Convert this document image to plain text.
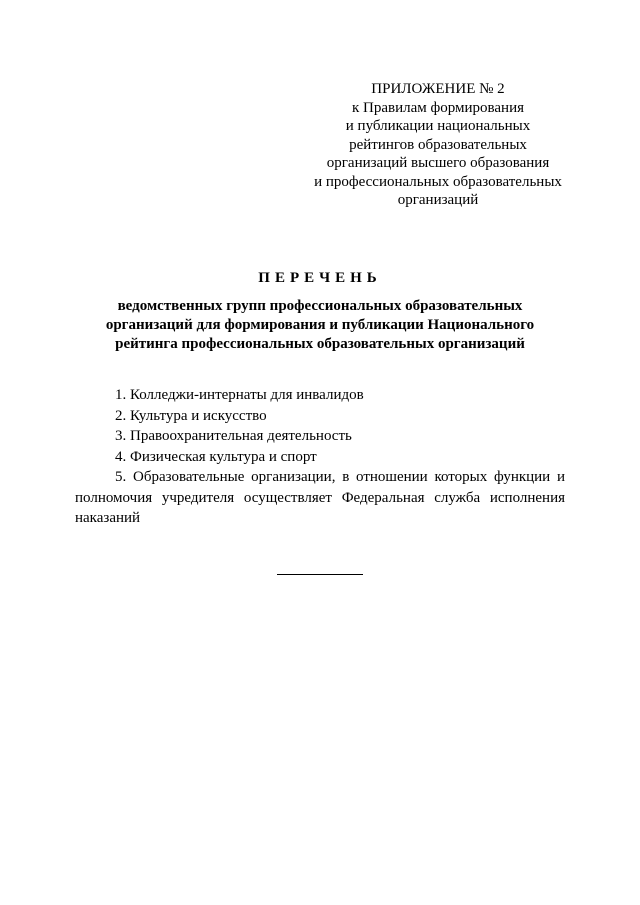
ПРИЛОЖЕНИЕ № 2
к Правилам формирования
и публикации национальных
рейтингов образовательных
организаций высшего образования
и профессиональных образовательных
организаций
ПЕРЕЧЕНЬ
ведомственных групп профессиональных образовательных
организаций для формирования и публикации Национального
рейтинга профессиональных образовательных организаций
1. Колледжи-интернаты для инвалидов
2. Культура и искусство
3. Правоохранительная деятельность
4. Физическая культура и спорт
5. Образовательные организации, в отношении которых функции и полномочия учредителя осуществляет Федеральная служба исполнения наказаний
